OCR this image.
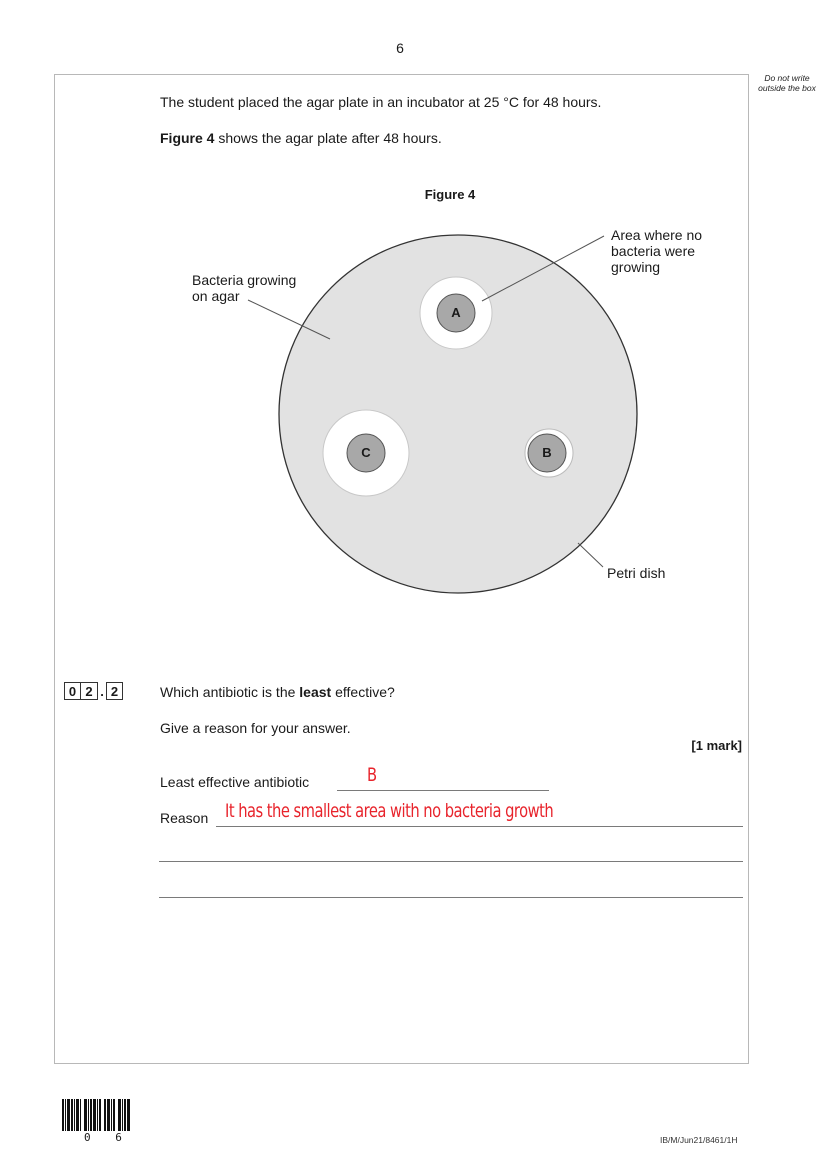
6
Do not write outside the box
The student placed the agar plate in an incubator at 25 °C for 48 hours.
Figure 4 shows the agar plate after 48 hours.
Figure 4
A
B
C
Bacteria growing
on agar
Area where no
bacteria were
growing
Petri dish
0 2 . 2	Which antibiotic is the least effective?
Give a reason for your answer.
[1 mark]
Least effective antibiotic	B
Reason It has the smallest area with no bacteria growth
0 6	IB/M/Jun21/8461/1H
